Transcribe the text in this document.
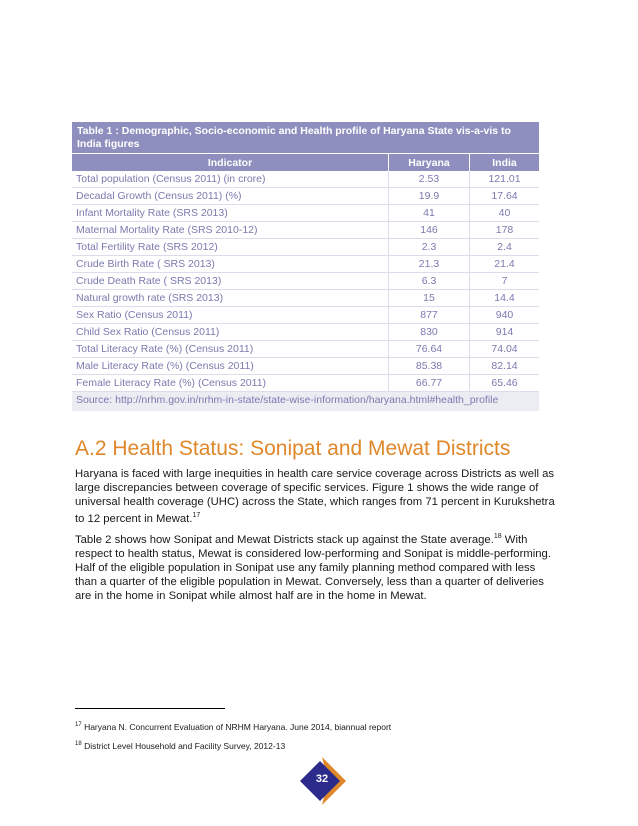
Table 1 : Demographic, Socio-economic and Health profile of Haryana State vis-a-vis to India figures
Indicator	Haryana	India
Total population (Census 2011) (in crore)	2.53	121.01
Decadal Growth (Census 2011) (%)	19.9	17.64
Infant Mortality Rate (SRS 2013)	41	40
Maternal Mortality Rate (SRS 2010-12)	146	178
Total Fertility Rate (SRS 2012)	2.3	2.4
Crude Birth Rate ( SRS 2013)	21.3	21.4
Crude Death Rate ( SRS 2013)	6.3	7
Natural growth rate (SRS 2013)	15	14.4
Sex Ratio (Census 2011)	877	940
Child Sex Ratio (Census 2011)	830	914
Total Literacy Rate (%) (Census 2011)	76.64	74.04
Male Literacy Rate (%) (Census 2011)	85.38	82.14
Female Literacy Rate (%) (Census 2011)	66.77	65.46
Source: http://nrhm.gov.in/nrhm-in-state/state-wise-information/haryana.html#health_profile
A.2 Health Status: Sonipat and Mewat Districts

Haryana is faced with large inequities in health care service coverage across Districts as well as large discrepancies between coverage of specific services. Figure 1 shows the wide range of universal health coverage (UHC) across the State, which ranges from 71 percent in Kurukshetra to 12 percent in Mewat.$^{17}$

Table 2 shows how Sonipat and Mewat Districts stack up against the State average.$^{18}$ With respect to health status, Mewat is considered low-performing and Sonipat is middle-performing. Half of the eligible population in Sonipat use any family planning method compared with less than a quarter of the eligible population in Mewat. Conversely, less than a quarter of deliveries are in the home in Sonipat while almost half are in the home in Mewat.

$^{17}$ Haryana N. Concurrent Evaluation of NRHM Haryana. June 2014, biannual report

$^{18}$ District Level Household and Facility Survey, 2012-13

32
